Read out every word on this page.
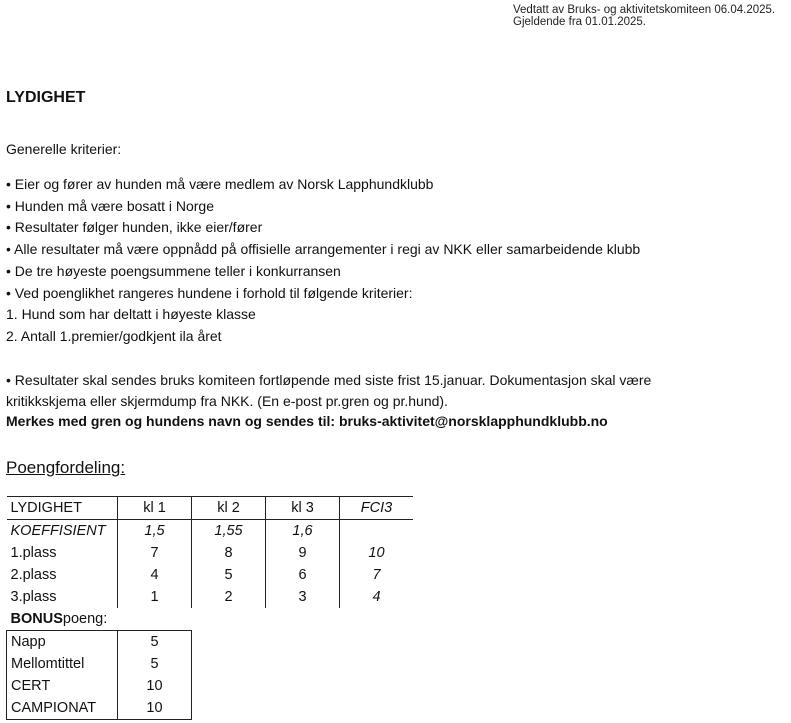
Vedtatt av Bruks- og aktivitetskomiteen 06.04.2025.
Gjeldende fra 01.01.2025.
LYDIGHET
Generelle kriterier:
• Eier og fører av hunden må være medlem av Norsk Lapphundklubb
• Hunden må være bosatt i Norge
• Resultater følger hunden, ikke eier/fører
• Alle resultater må være oppnådd på offisielle arrangementer i regi av NKK eller samarbeidende klubb
• De tre høyeste poengsummene teller i konkurransen
• Ved poenglikhet rangeres hundene i forhold til følgende kriterier:
1. Hund som har deltatt i høyeste klasse
2. Antall 1.premier/godkjent ila året
• Resultater skal sendes bruks komiteen fortløpende med siste frist 15.januar. Dokumentasjon skal være
kritikkskjema eller skjermdump fra NKK. (En e-post pr.gren og pr.hund).
Merkes med gren og hundens navn og sendes til: bruks-aktivitet@norsklapphundklubb.no
Poengfordeling:
LYDIGHET	kl 1	kl 2	kl 3	FCI3
KOEFFISIENT	1,5	1,55	1,6	
1.plass	7	8	9	10
2.plass	4	5	6	7
3.plass	1	2	3	4
BONUSpoeng:				
Napp	5			
Mellomtittel	5			
CERT	10			
CAMPIONAT	10			
